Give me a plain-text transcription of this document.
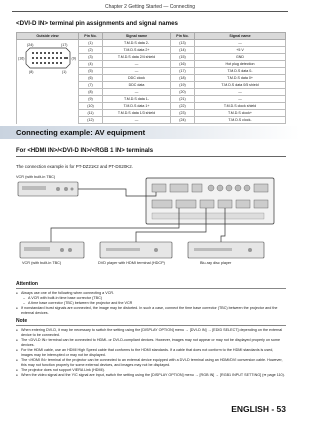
Chapter 2 Getting Started — Connecting
<DVI-D IN> terminal pin assignments and signal names
Outside view	Pin No.	Signal name	Pin No.	Signal name
	(1)	T.M.D.S data 2-	(13)	—
	(2)	T.M.D.S data 2+	(14)	+5 V
	(3)	T.M.D.S data 2/4 shield	(15)	GND
	(4)	—	(16)	Hot plug detection
	(5)	—	(17)	T.M.D.S data 0-
	(6)	DDC clock	(18)	T.M.D.S data 0+
	(7)	DDC data	(19)	T.M.D.S data 0/5 shield
	(8)	—	(20)	—
	(9)	T.M.D.S data 1-	(21)	—
	(10)	T.M.D.S data 1+	(22)	T.M.D.S clock shield
	(11)	T.M.D.S data 1/3 shield	(23)	T.M.D.S clock+
	(12)	—	(24)	T.M.D.S clock-
(24)	(17)
(16)	(9)
(8)	(1)
Connecting example: AV equipment
For <HDMI IN>/<DVI-D IN>/<RGB 1 IN> terminals
The connection example is for PT-DZ21K2 and PT-DS20K2.
VCR (with built-in TBC)
VCR (with built-in TBC)	DVD player with HDMI terminal (HDCP)	Blu-ray disc player
Attention
● Always use one of the following when connecting a VCR.
– A VCR with built-in time base corrector (TBC)
– A time base corrector (TBC) between the projector and the VCR
● If nonstandard burst signals are connected, the image may be distorted. In such a case, connect the time base corrector (TBC) between the projector and the external devices.
Note
● When entering DVI-D, it may be necessary to switch the setting using the [DISPLAY OPTION] menu → [DVI-D IN] → [EDID SELECT] depending on the external device to be connected.
● The <DVI-D IN> terminal can be connected to HDMI- or DVI-D-compliant devices. However, images may not appear or may not be displayed properly on some devices.
● For the HDMI cable, use an HDMI High Speed cable that conforms to the HDMI standards. If a cable that does not conform to the HDMI standards is used, images may be interrupted or may not be displayed.
● The <HDMI IN> terminal of the projector can be connected to an external device equipped with a DVI-D terminal using an HDMI/DVI conversion cable. However, this may not function properly for some external devices, and images may not be displayed.
● The projector does not support VIERA Link (HDMI).
● When the video signal and the Y/C signal are input, switch the setting using the [DISPLAY OPTION] menu → [RGB IN] → [RGB1 INPUT SETTING] (➡ page 110).
ENGLISH - 53
